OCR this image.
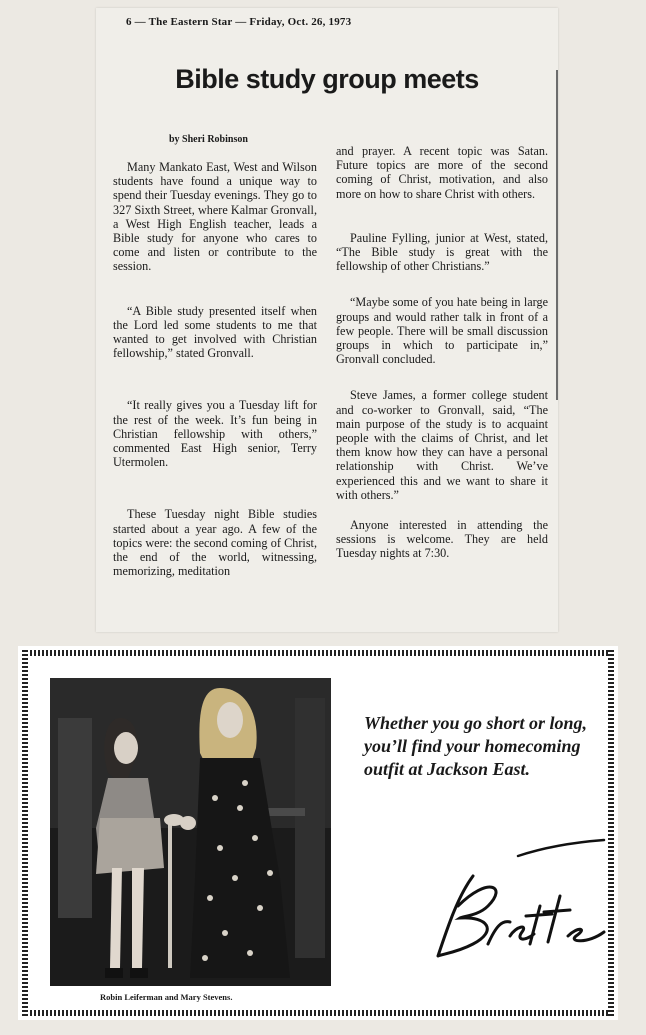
6 — The Eastern Star — Friday, Oct. 26, 1973
Bible study group meets
by Sheri Robinson

Many Mankato East, West and Wilson students have found a unique way to spend their Tuesday evenings. They go to 327 Sixth Street, where Kalmar Gronvall, a West High English teacher, leads a Bible study for anyone who cares to come and listen or contribute to the session.

“A Bible study presented itself when the Lord led some students to me that wanted to get involved with Christian fellowship,” stated Gronvall.

“It really gives you a Tuesday lift for the rest of the week. It’s fun being in Christian fellowship with others,” commented East High senior, Terry Utermolen.

These Tuesday night Bible studies started about a year ago. A few of the topics were: the second coming of Christ, the end of the world, witnessing, memorizing, meditation

and prayer. A recent topic was Satan. Future topics are more of the second coming of Christ, motivation, and also more on how to share Christ with others.

Pauline Fylling, junior at West, stated, “The Bible study is great with the fellowship of other Christians.”

“Maybe some of you hate being in large groups and would rather talk in front of a few people. There will be small discussion groups in which to participate in,” Gronvall concluded.

Steve James, a former college student and co-worker to Gronvall, said, “The main purpose of the study is to acquaint people with the claims of Christ, and let them know how they can have a personal relationship with Christ. We’ve experienced this and we want to share it with others.”

Anyone interested in attending the sessions is welcome. They are held Tuesday nights at 7:30.

Robin Leiferman and Mary Stevens.
Whether you go short or long, you’ll find your homecoming outfit at Jackson East.
